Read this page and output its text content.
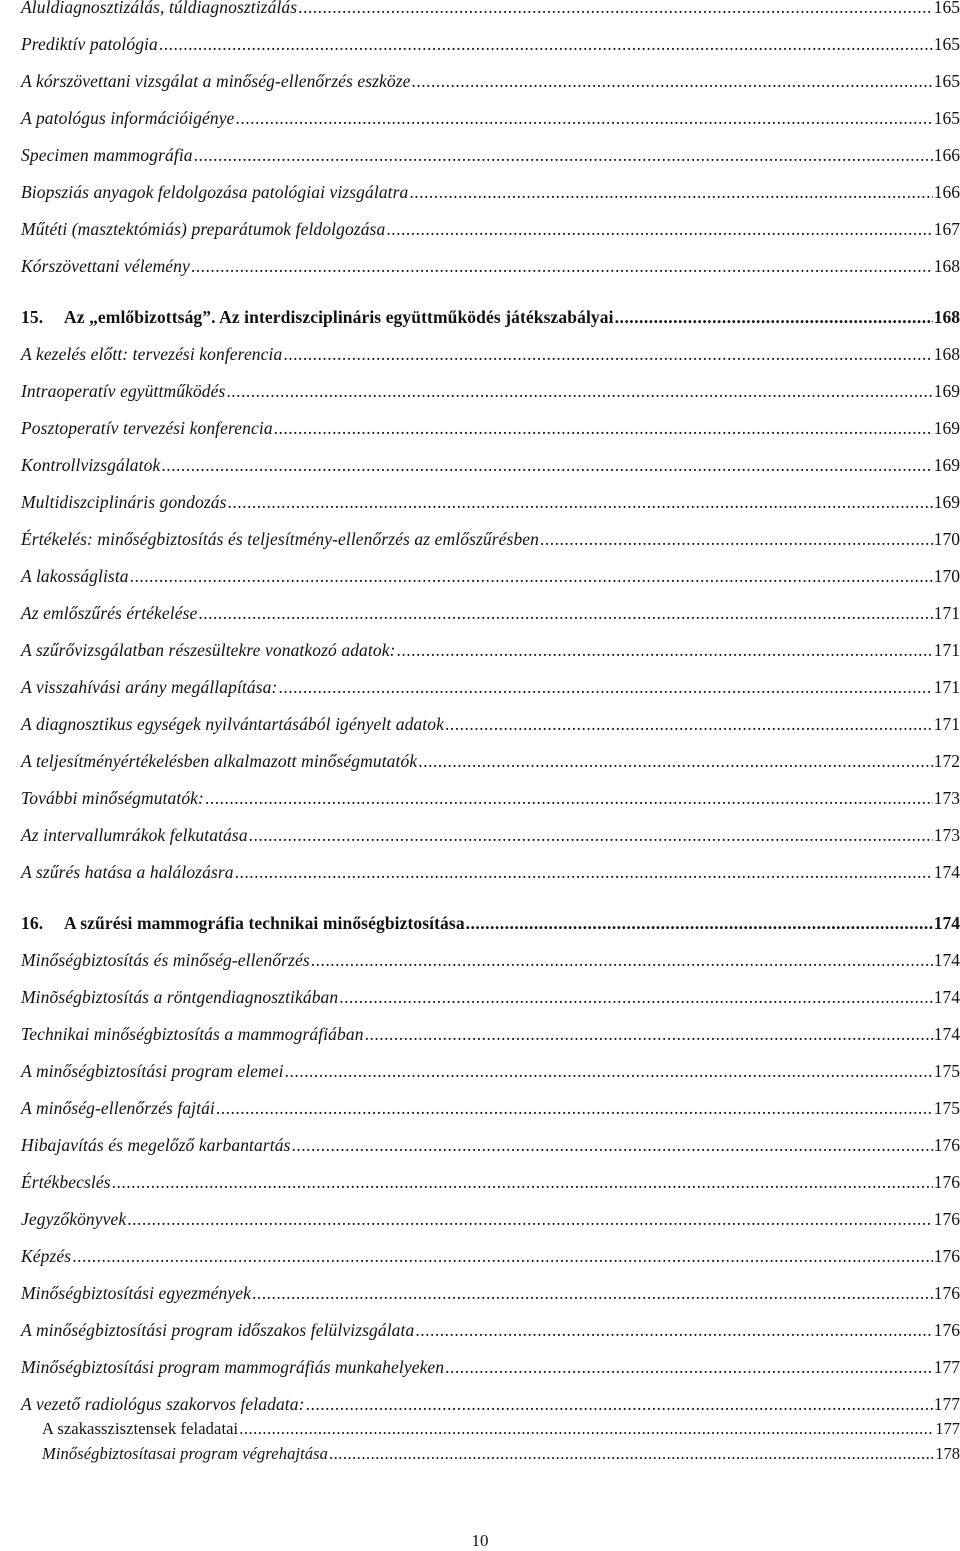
Aluldiagnosztizálás, túldiagnosztizálás .....	165
Prediktív patológia .....	165
A kórszövettani vizsgálat a minőség-ellenőrzés eszköze .....	165
A patológus információigénye .....	165
Specimen mammográfia .....	166
Biopsziás anyagok feldolgozása patológiai vizsgálatra .....	166
Műtéti (masztektómiás) preparátumok feldolgozása .....	167
Kórszövettani vélemény .....	168
15. Az „emlőbizottság”. Az interdiszciplináris együttműködés játékszabályai .....	168
A kezelés előtt: tervezési konferencia .....	168
Intraoperatív együttműködés .....	169
Posztoperatív tervezési konferencia .....	169
Kontrollvizsgálatok .....	169
Multidiszciplináris gondozás .....	169
Értékelés: minőségbiztosítás és teljesítmény-ellenőrzés az emlőszűrésben .....	170
A lakosságlista .....	170
Az emlőszűrés értékelése .....	171
A szűrővizsgálatban részesültekre vonatkozó adatok: .....	171
A visszahívási arány megállapítása: .....	171
A diagnosztikus egységek nyilvántartásából igényelt adatok .....	171
A teljesítményértékelésben alkalmazott minőségmutatók .....	172
További minőségmutatók: .....	173
Az intervallumrákok felkutatása .....	173
A szűrés hatása a halálozásra .....	174
16. A szűrési mammográfia technikai minőségbiztosítása .....	174
Minőségbiztosítás és minőség-ellenőrzés .....	174
Minõségbiztosítás a röntgendiagnosztikában .....	174
Technikai minőségbiztosítás a mammográfiában .....	174
A minőségbiztosítási program elemei .....	175
A minőség-ellenőrzés fajtái .....	175
Hibajavítás és megelőző karbantartás .....	176
Értékbecslés .....	176
Jegyzőkönyvek .....	176
Képzés .....	176
Minőségbiztosítási egyezmények .....	176
A minőségbiztosítási program időszakos felülvizsgálata .....	176
Minőségbiztosítási program mammográfiás munkahelyeken .....	177
A vezető radiológus szakorvos feladata: .....	177
A szakasszisztensek feladatai .....	177
Minőségbiztosítasai program végrehajtása .....	178
10
